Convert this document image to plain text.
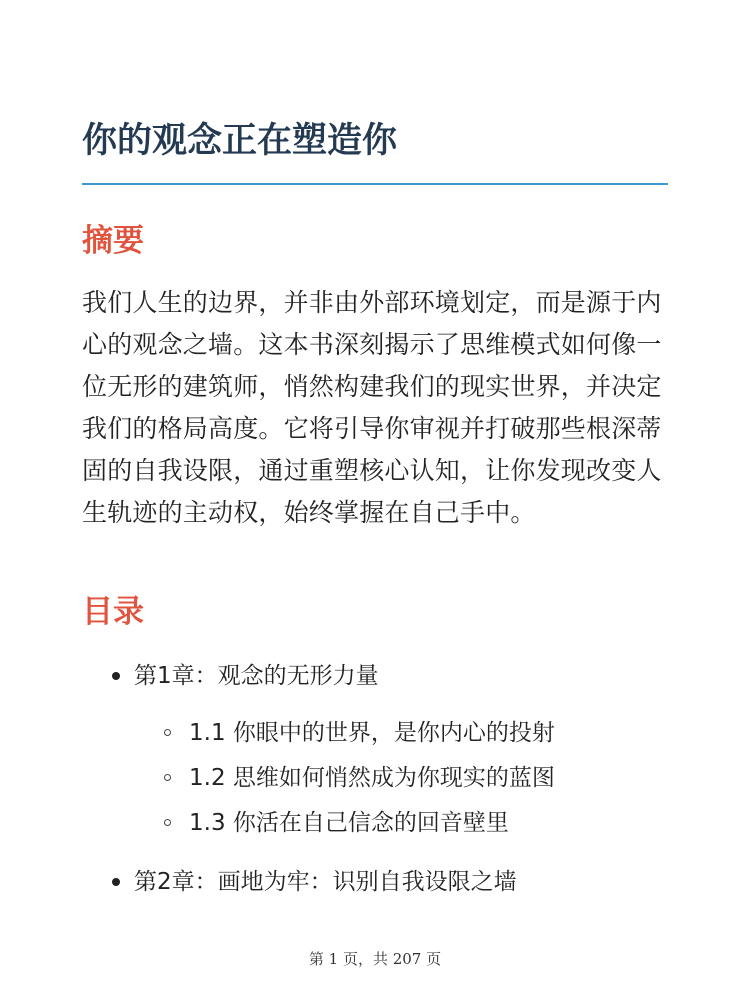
你的观念正在塑造你
摘要

我们人生的边界，并非由外部环境划定，而是源于内心的观念之墙。这本书深刻揭示了思维模式如何像一位无形的建筑师，悄然构建我们的现实世界，并决定我们的格局高度。它将引导你审视并打破那些根深蒂固的自我设限，通过重塑核心认知，让你发现改变人生轨迹的主动权，始终掌握在自己手中。

目录

第1章：观念的无形力量

1.1 你眼中的世界，是你内心的投射

1.2 思维如何悄然成为你现实的蓝图

1.3 你活在自己信念的回音壁里

第2章：画地为牢：识别自我设限之墙

第 1 页，共 207 页
